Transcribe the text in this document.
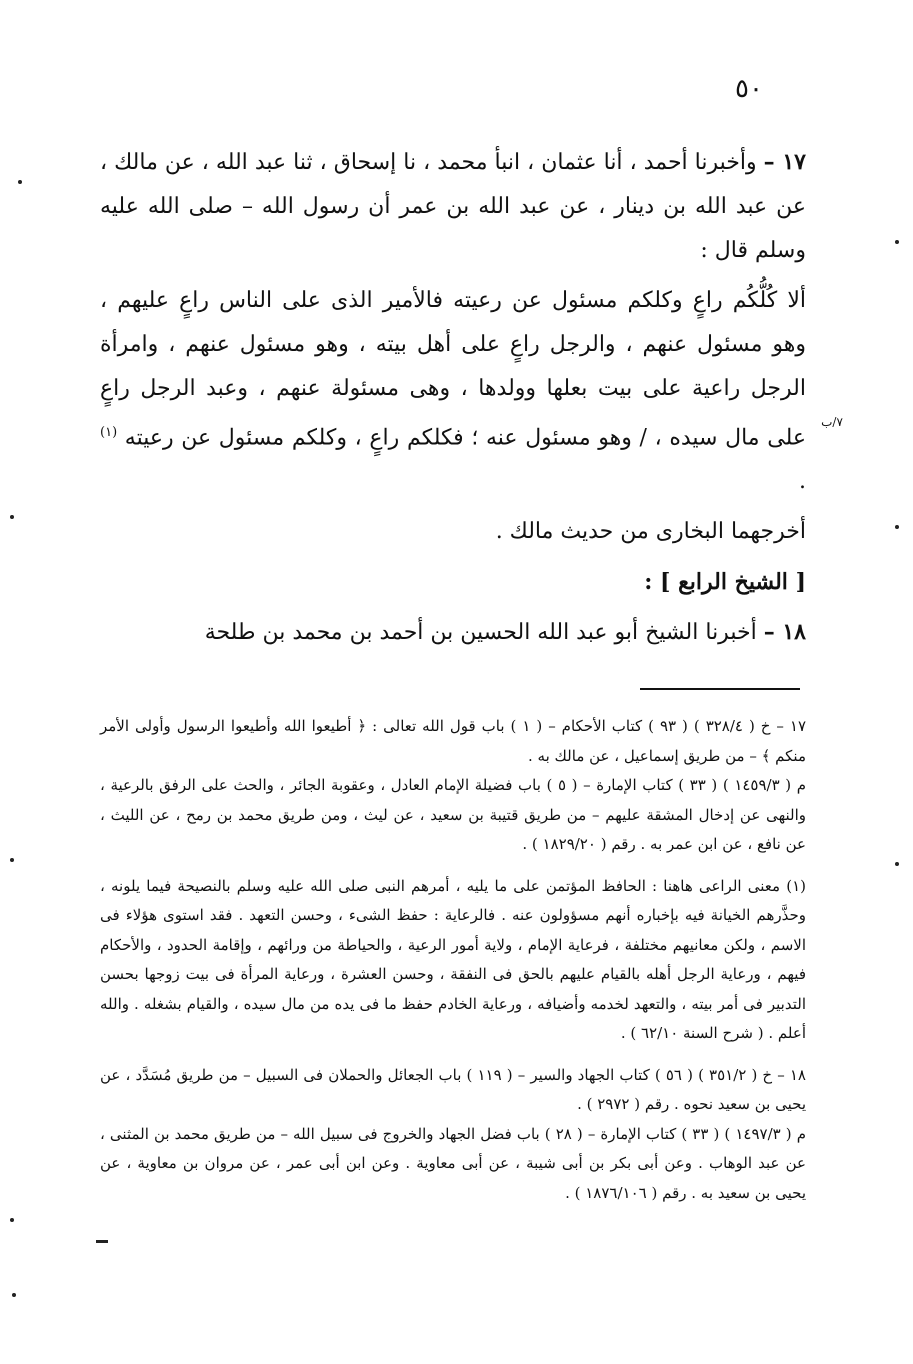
٥٠
٧/ب

١٧ – وأخبرنا أحمد ، أنا عثمان ، انبأ محمد ، نا إسحاق ، ثنا عبد الله ، عن مالك ، عن عبد الله بن دينار ، عن عبد الله بن عمر أن رسول الله – صلى الله عليه وسلم قال :

ألا كُلُّكُم راعٍ وكلكم مسئول عن رعيته فالأمير الذى على الناس راعٍ عليهم ، وهو مسئول عنهم ، والرجل راعٍ على أهل بيته ، وهو مسئول عنهم ، وامرأة الرجل راعية على بيت بعلها وولدها ، وهى مسئولة عنهم ، وعبد الرجل راعٍ على مال سيده ، / وهو مسئول عنه ؛ فكلكم راعٍ ، وكلكم مسئول عن رعيته $^{(١)}$ .

أخرجهما البخارى من حديث مالك .

[ الشيخ الرابع ] :

١٨ – أخبرنا الشيخ أبو عبد الله الحسين بن أحمد بن محمد بن طلحة

١٧ – خ ( ٣٢٨/٤ ) ( ٩٣ ) كتاب الأحكام – ( ١ ) باب قول الله تعالى : ﴿ أطيعوا الله وأطيعوا الرسول وأولى الأمر منكم ﴾ – من طريق إسماعيل ، عن مالك به .

م ( ١٤٥٩/٣ ) ( ٣٣ ) كتاب الإمارة – ( ٥ ) باب فضيلة الإمام العادل ، وعقوبة الجائر ، والحث على الرفق بالرعية ، والنهى عن إدخال المشقة عليهم – من طريق قتيبة بن سعيد ، عن ليث ، ومن طريق محمد بن رمح ، عن الليث ، عن نافع ، عن ابن عمر به . رقم ( ١٨٢٩/٢٠ ) .

(١) معنى الراعى هاهنا : الحافظ المؤتمن على ما يليه ، أمرهم النبى صلى الله عليه وسلم بالنصيحة فيما يلونه ، وحذَّرهم الخيانة فيه بإخباره أنهم مسؤولون عنه . فالرعاية : حفظ الشىء ، وحسن التعهد . فقد استوى هؤلاء فى الاسم ، ولكن معانيهم مختلفة ، فرعاية الإمام ، ولاية أمور الرعية ، والحياطة من ورائهم ، وإقامة الحدود ، والأحكام فيهم ، ورعاية الرجل أهله بالقيام عليهم بالحق فى النفقة ، وحسن العشرة ، ورعاية المرأة فى بيت زوجها بحسن التدبير فى أمر بيته ، والتعهد لخدمه وأضيافه ، ورعاية الخادم حفظ ما فى يده من مال سيده ، والقيام بشغله . والله أعلم . ( شرح السنة ٦٢/١٠ ) .

١٨ – خ ( ٣٥١/٢ ) ( ٥٦ ) كتاب الجهاد والسير – ( ١١٩ ) باب الجعائل والحملان فى السبيل – من طريق مُسَدَّد ، عن يحيى بن سعيد نحوه . رقم ( ٢٩٧٢ ) .

م ( ١٤٩٧/٣ ) ( ٣٣ ) كتاب الإمارة – ( ٢٨ ) باب فضل الجهاد والخروج فى سبيل الله – من طريق محمد بن المثنى ، عن عبد الوهاب . وعن أبى بكر بن أبى شيبة ، عن أبى معاوية . وعن ابن أبى عمر ، عن مروان بن معاوية ، عن يحيى بن سعيد به . رقم ( ١٨٧٦/١٠٦ ) .
